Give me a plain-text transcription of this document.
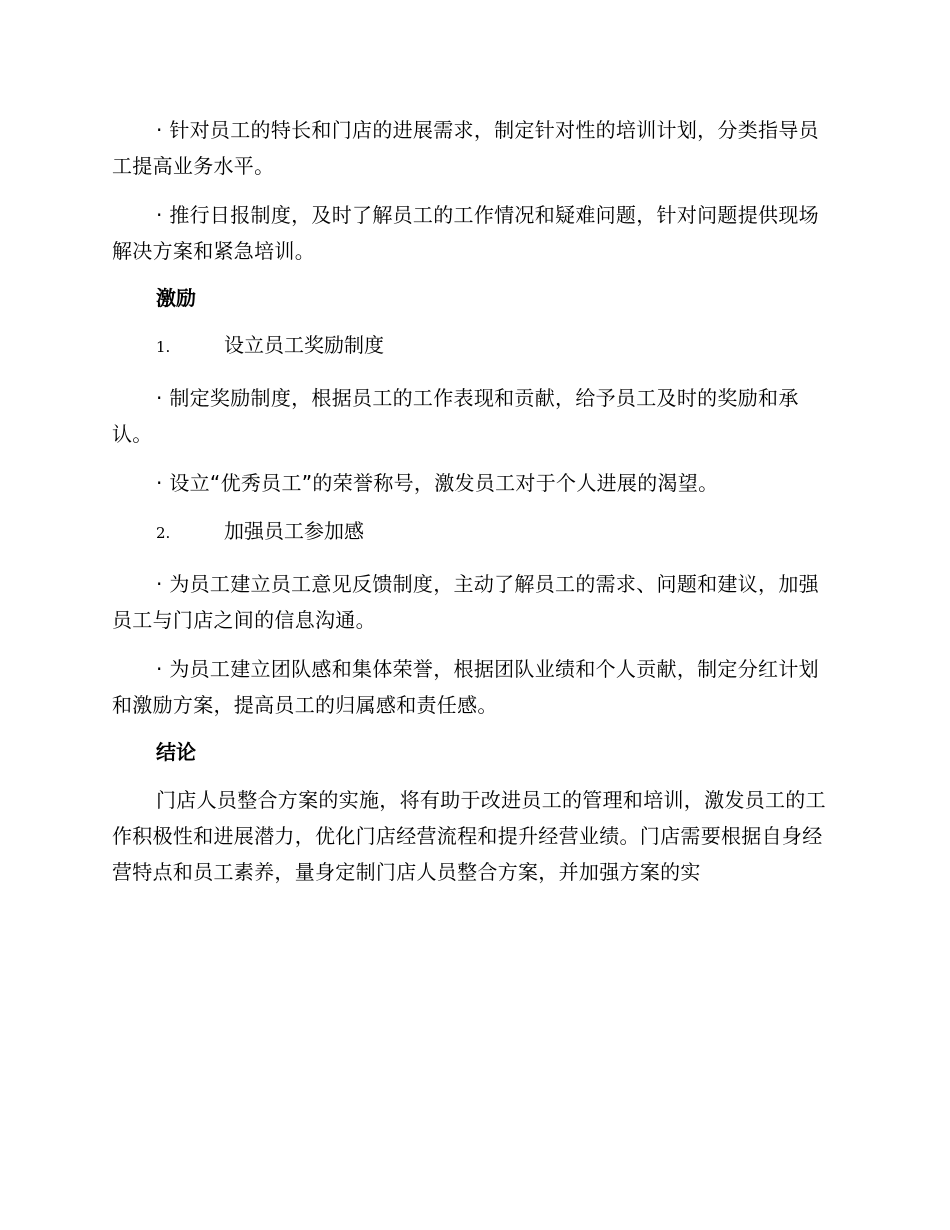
· 针对员工的特长和门店的进展需求，制定针对性的培训计划，分类指导员工提高业务水平。

· 推行日报制度，及时了解员工的工作情况和疑难问题，针对问题提供现场解决方案和紧急培训。

激励
1.	设立员工奖励制度

· 制定奖励制度，根据员工的工作表现和贡献，给予员工及时的奖励和承认。

· 设立“优秀员工”的荣誉称号，激发员工对于个人进展的渴望。

2.	加强员工参加感

· 为员工建立员工意见反馈制度，主动了解员工的需求、问题和建议，加强员工与门店之间的信息沟通。

· 为员工建立团队感和集体荣誉，根据团队业绩和个人贡献，制定分红计划和激励方案，提高员工的归属感和责任感。

结论

门店人员整合方案的实施，将有助于改进员工的管理和培训，激发员工的工作积极性和进展潜力，优化门店经营流程和提升经营业绩。门店需要根据自身经营特点和员工素养，量身定制门店人员整合方案，并加强方案的实
